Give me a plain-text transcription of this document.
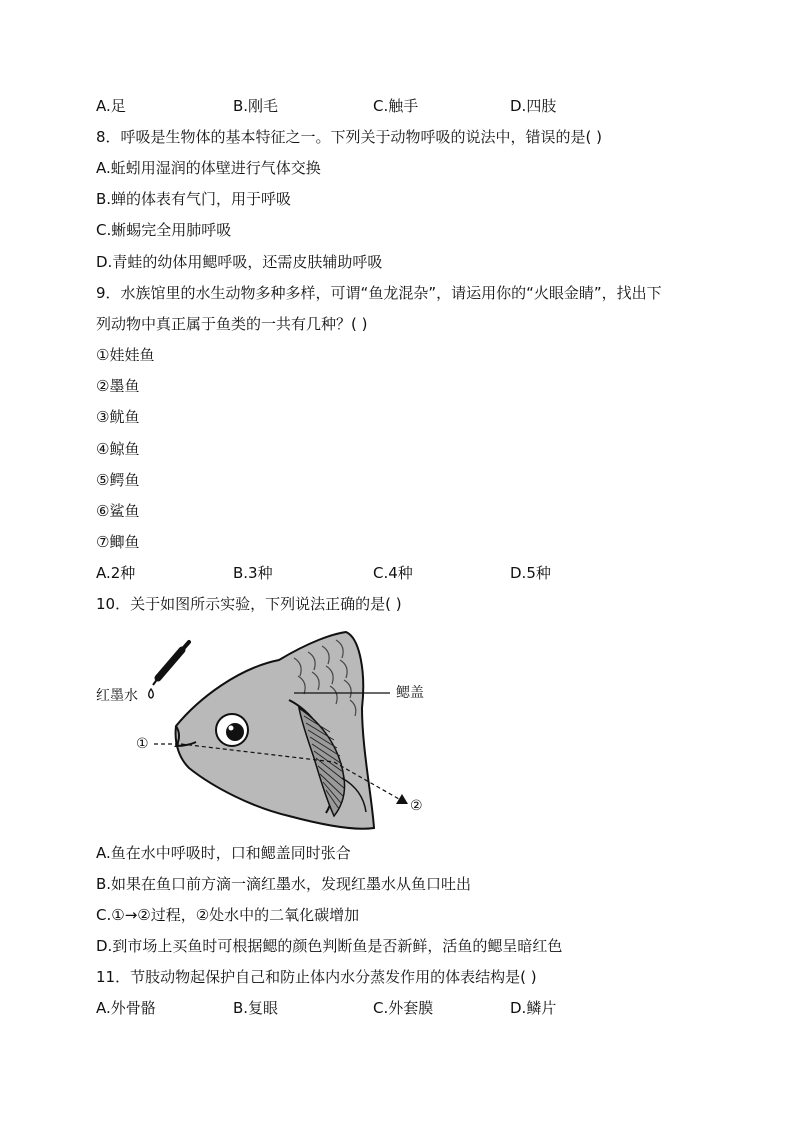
A.足	B.刚毛	C.触手	D.四肢
8．呼吸是生物体的基本特征之一。下列关于动物呼吸的说法中，错误的是( )
A.蚯蚓用湿润的体壁进行气体交换
B.蝉的体表有气门，用于呼吸
C.蜥蜴完全用肺呼吸
D.青蛙的幼体用鳃呼吸，还需皮肤辅助呼吸
9．水族馆里的水生动物多种多样，可谓“鱼龙混杂”，请运用你的“火眼金睛”，找出下
列动物中真正属于鱼类的一共有几种？( )
①娃娃鱼
②墨鱼
③鱿鱼
④鲸鱼
⑤鳄鱼
⑥鲨鱼
⑦鲫鱼
A.2种	B.3种	C.4种	D.5种
10．关于如图所示实验，下列说法正确的是( )
红墨水	鳃盖
①
②
A.鱼在水中呼吸时，口和鳃盖同时张合
B.如果在鱼口前方滴一滴红墨水，发现红墨水从鱼口吐出
C.①→②过程，②处水中的二氧化碳增加
D.到市场上买鱼时可根据鳃的颜色判断鱼是否新鲜，活鱼的鳃呈暗红色
11．节肢动物起保护自己和防止体内水分蒸发作用的体表结构是( )
A.外骨骼	B.复眼	C.外套膜	D.鳞片
